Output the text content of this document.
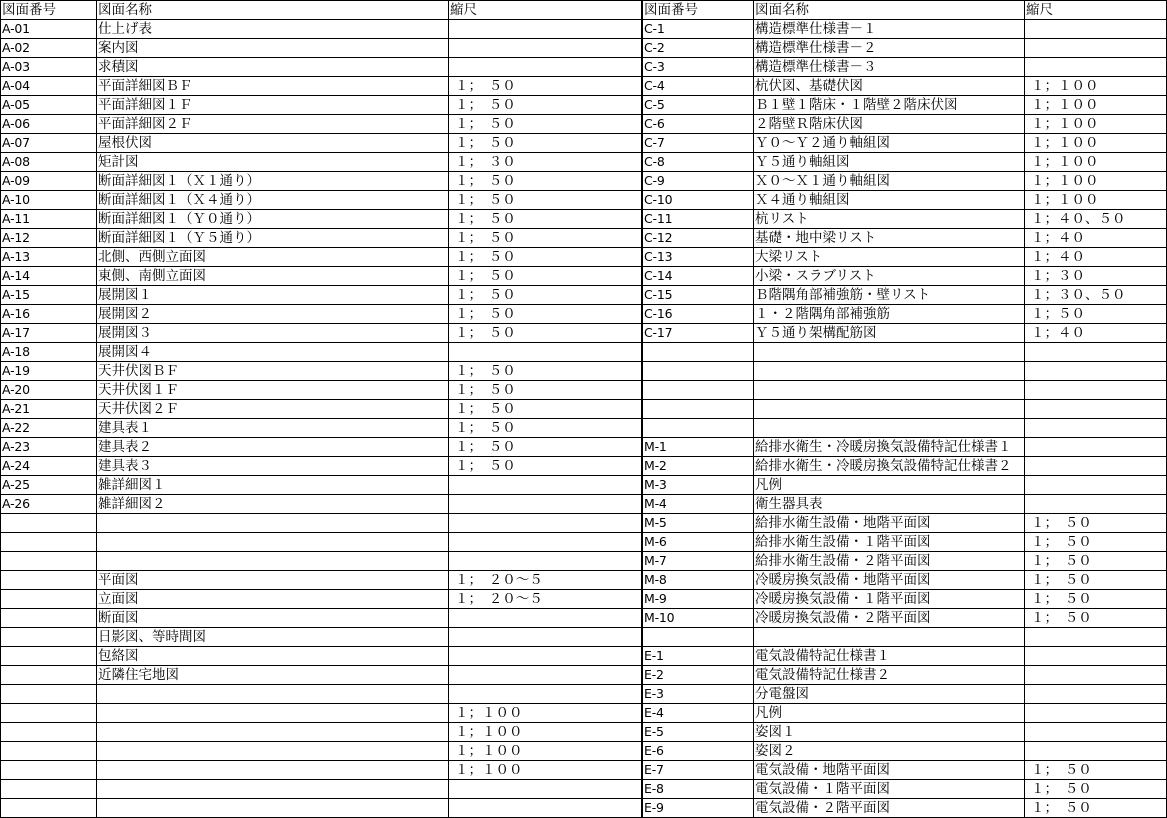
図面番号	図面名称	縮尺
A-01	仕上げ表	
A-02	案内図	
A-03	求積図	
A-04	平面詳細図ＢＦ	１；　５０
A-05	平面詳細図１Ｆ	１；　５０
A-06	平面詳細図２Ｆ	１；　５０
A-07	屋根伏図	１；　５０
A-08	矩計図	１；　３０
A-09	断面詳細図１（Ｘ１通り）	１；　５０
A-10	断面詳細図１（Ｘ４通り）	１；　５０
A-11	断面詳細図１（Ｙ０通り）	１；　５０
A-12	断面詳細図１（Ｙ５通り）	１；　５０
A-13	北側、西側立面図	１；　５０
A-14	東側、南側立面図	１；　５０
A-15	展開図１	１；　５０
A-16	展開図２	１；　５０
A-17	展開図３	１；　５０
A-18	展開図４	
A-19	天井伏図ＢＦ	１；　５０
A-20	天井伏図１Ｆ	１；　５０
A-21	天井伏図２Ｆ	１；　５０
A-22	建具表１	１；　５０
A-23	建具表２	１；　５０
A-24	建具表３	１；　５０
A-25	雑詳細図１	
A-26	雑詳細図２	

	平面図	１；　２０～５
	立面図	１；　２０～５
	断面図	
	日影図、等時間図	
	包絡図	
	近隣住宅地図	

		１；１００
		１；１００
		１；１００
		１；１００

図面番号	図面名称	縮尺
C-1	構造標準仕様書－１	
C-2	構造標準仕様書－２	
C-3	構造標準仕様書－３	
C-4	杭伏図、基礎伏図	１；１００
C-5	Ｂ１壁１階床・１階壁２階床伏図	１；１００
C-6	２階壁Ｒ階床伏図	１；１００
C-7	Ｙ０～Ｙ２通り軸組図	１；１００
C-8	Ｙ５通り軸組図	１；１００
C-9	Ｘ０～Ｘ１通り軸組図	１；１００
C-10	Ｘ４通り軸組図	１；１００
C-11	杭リスト	１；４０、５０
C-12	基礎・地中梁リスト	１；４０
C-13	大梁リスト	１；４０
C-14	小梁・スラブリスト	１；３０
C-15	Ｂ階隅角部補強筋・壁リスト	１；３０、５０
C-16	１・２階隅角部補強筋	１；５０
C-17	Ｙ５通り架構配筋図	１；４０

M-1	給排水衛生・冷暖房換気設備特記仕様書１	
M-2	給排水衛生・冷暖房換気設備特記仕様書２	
M-3	凡例	
M-4	衛生器具表	
M-5	給排水衛生設備・地階平面図	１；　５０
M-6	給排水衛生設備・１階平面図	１；　５０
M-7	給排水衛生設備・２階平面図	１；　５０
M-8	冷暖房換気設備・地階平面図	１；　５０
M-9	冷暖房換気設備・１階平面図	１；　５０
M-10	冷暖房換気設備・２階平面図	１；　５０

E-1	電気設備特記仕様書１	
E-2	電気設備特記仕様書２	
E-3	分電盤図	
E-4	凡例	
E-5	姿図１	
E-6	姿図２	
E-7	電気設備・地階平面図	１；　５０
E-8	電気設備・１階平面図	１；　５０
E-9	電気設備・２階平面図	１；　５０
